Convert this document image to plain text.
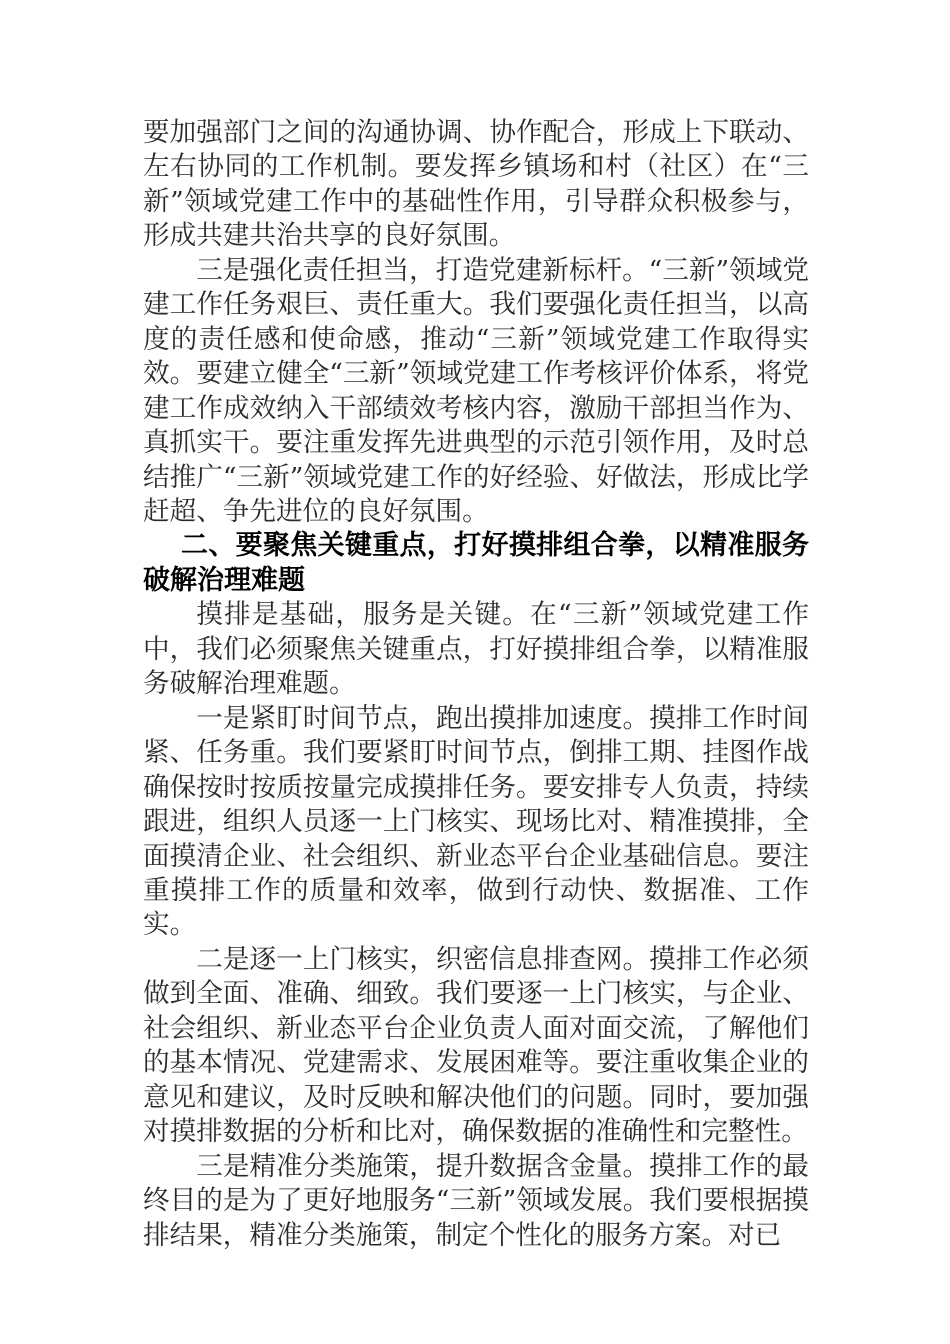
要加强部门之间的沟通协调、协作配合，形成上下联动、左右协同的工作机制。要发挥乡镇场和村（社区）在“三新”领域党建工作中的基础性作用，引导群众积极参与，形成共建共治共享的良好氛围。

三是强化责任担当，打造党建新标杆。“三新”领域党建工作任务艰巨、责任重大。我们要强化责任担当，以高度的责任感和使命感，推动“三新”领域党建工作取得实效。要建立健全“三新”领域党建工作考核评价体系，将党建工作成效纳入干部绩效考核内容，激励干部担当作为、真抓实干。要注重发挥先进典型的示范引领作用，及时总结推广“三新”领域党建工作的好经验、好做法，形成比学赶超、争先进位的良好氛围。

二、要聚焦关键重点，打好摸排组合拳，以精准服务破解治理难题

摸排是基础，服务是关键。在“三新”领域党建工作中，我们必须聚焦关键重点，打好摸排组合拳，以精准服务破解治理难题。

一是紧盯时间节点，跑出摸排加速度。摸排工作时间紧、任务重。我们要紧盯时间节点，倒排工期、挂图作战确保按时按质按量完成摸排任务。要安排专人负责，持续跟进，组织人员逐一上门核实、现场比对、精准摸排，全面摸清企业、社会组织、新业态平台企业基础信息。要注重摸排工作的质量和效率，做到行动快、数据准、工作实。

二是逐一上门核实，织密信息排查网。摸排工作必须做到全面、准确、细致。我们要逐一上门核实，与企业、社会组织、新业态平台企业负责人面对面交流，了解他们的基本情况、党建需求、发展困难等。要注重收集企业的意见和建议，及时反映和解决他们的问题。同时，要加强对摸排数据的分析和比对，确保数据的准确性和完整性。

三是精准分类施策，提升数据含金量。摸排工作的最终目的是为了更好地服务“三新”领域发展。我们要根据摸排结果，精准分类施策，制定个性化的服务方案。对已
